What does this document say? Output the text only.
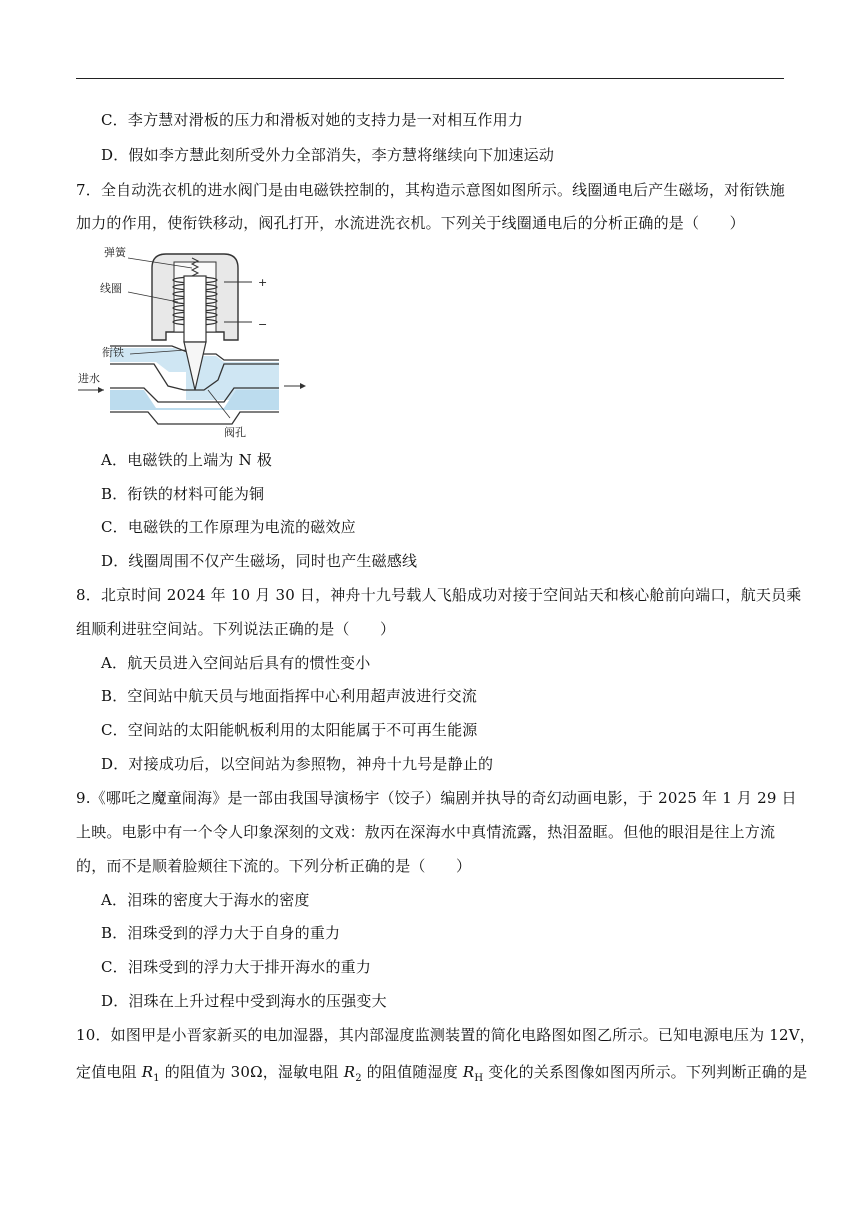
C．李方慧对滑板的压力和滑板对她的支持力是一对相互作用力
D．假如李方慧此刻所受外力全部消失，李方慧将继续向下加速运动
7．全自动洗衣机的进水阀门是由电磁铁控制的，其构造示意图如图所示。线圈通电后产生磁场，对衔铁施
加力的作用，使衔铁移动，阀孔打开，水流进洗衣机。下列关于线圈通电后的分析正确的是（　　）
+
−
弹簧
线圈
衔铁
进水
阀孔
A．电磁铁的上端为 N 极
B．衔铁的材料可能为铜
C．电磁铁的工作原理为电流的磁效应
D．线圈周围不仅产生磁场，同时也产生磁感线
8．北京时间 2024 年 10 月 30 日，神舟十九号载人飞船成功对接于空间站天和核心舱前向端口，航天员乘
组顺利进驻空间站。下列说法正确的是（　　）
A．航天员进入空间站后具有的惯性变小
B．空间站中航天员与地面指挥中心利用超声波进行交流
C．空间站的太阳能帆板利用的太阳能属于不可再生能源
D．对接成功后，以空间站为参照物，神舟十九号是静止的
9.《哪吒之魔童闹海》是一部由我国导演杨宇（饺子）编剧并执导的奇幻动画电影，于 2025 年 1 月 29 日
上映。电影中有一个令人印象深刻的文戏：敖丙在深海水中真情流露，热泪盈眶。但他的眼泪是往上方流
的，而不是顺着脸颊往下流的。下列分析正确的是（　　）
A．泪珠的密度大于海水的密度
B．泪珠受到的浮力大于自身的重力
C．泪珠受到的浮力大于排开海水的重力
D．泪珠在上升过程中受到海水的压强变大
10．如图甲是小晋家新买的电加湿器，其内部湿度监测装置的简化电路图如图乙所示。已知电源电压为 12V，
定值电阻 $R_1$ 的阻值为 30Ω，湿敏电阻 $R_2$ 的阻值随湿度 $R_H$ 变化的关系图像如图丙所示。下列判断正确的是
